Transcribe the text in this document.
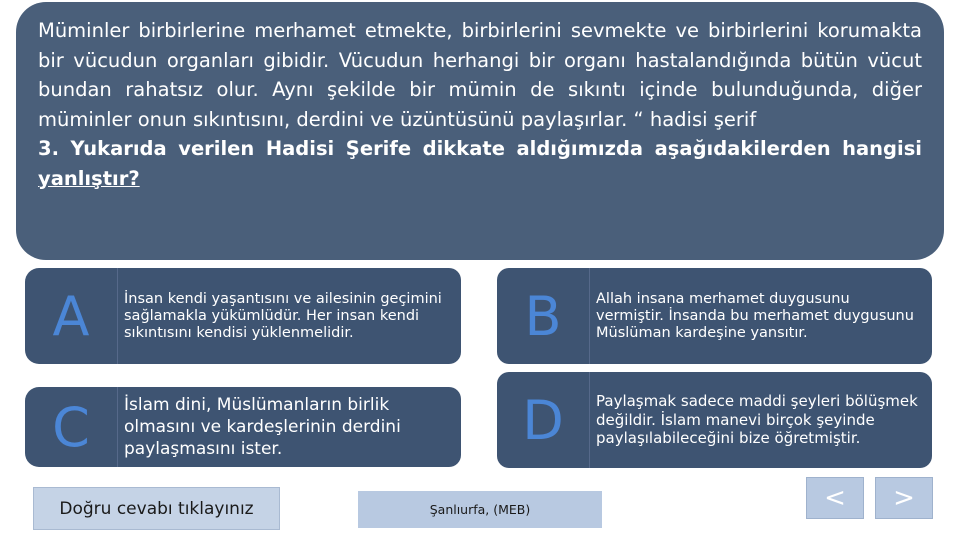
Müminler birbirlerine merhamet etmekte, birbirlerini sevmekte ve birbirlerini korumakta bir vücudun organları gibidir. Vücudun herhangi bir organı hastalandığında bütün vücut bundan rahatsız olur. Aynı şekilde bir mümin de sıkıntı içinde bulunduğunda, diğer müminler onun sıkıntısını, derdini ve üzüntüsünü paylaşırlar. “ hadisi şerif
3. Yukarıda verilen Hadisi Şerife dikkate aldığımızda aşağıdakilerden hangisi yanlıştır?
A	İnsan kendi yaşantısını ve ailesinin geçimini sağlamakla yükümlüdür. Her insan kendi sıkıntısını kendisi yüklenmelidir.	B	Allah insana merhamet duygusunu vermiştir. İnsanda bu merhamet duygusunu Müslüman kardeşine yansıtır.
C	İslam dini, Müslümanların birlik olmasını ve kardeşlerinin derdini paylaşmasını ister.	D	Paylaşmak sadece maddi şeyleri bölüşmek değildir. İslam manevi birçok şeyinde paylaşılabileceğini bize öğretmiştir.
Doğru cevabı tıklayınız	Şanlıurfa, (MEB)	<	>
